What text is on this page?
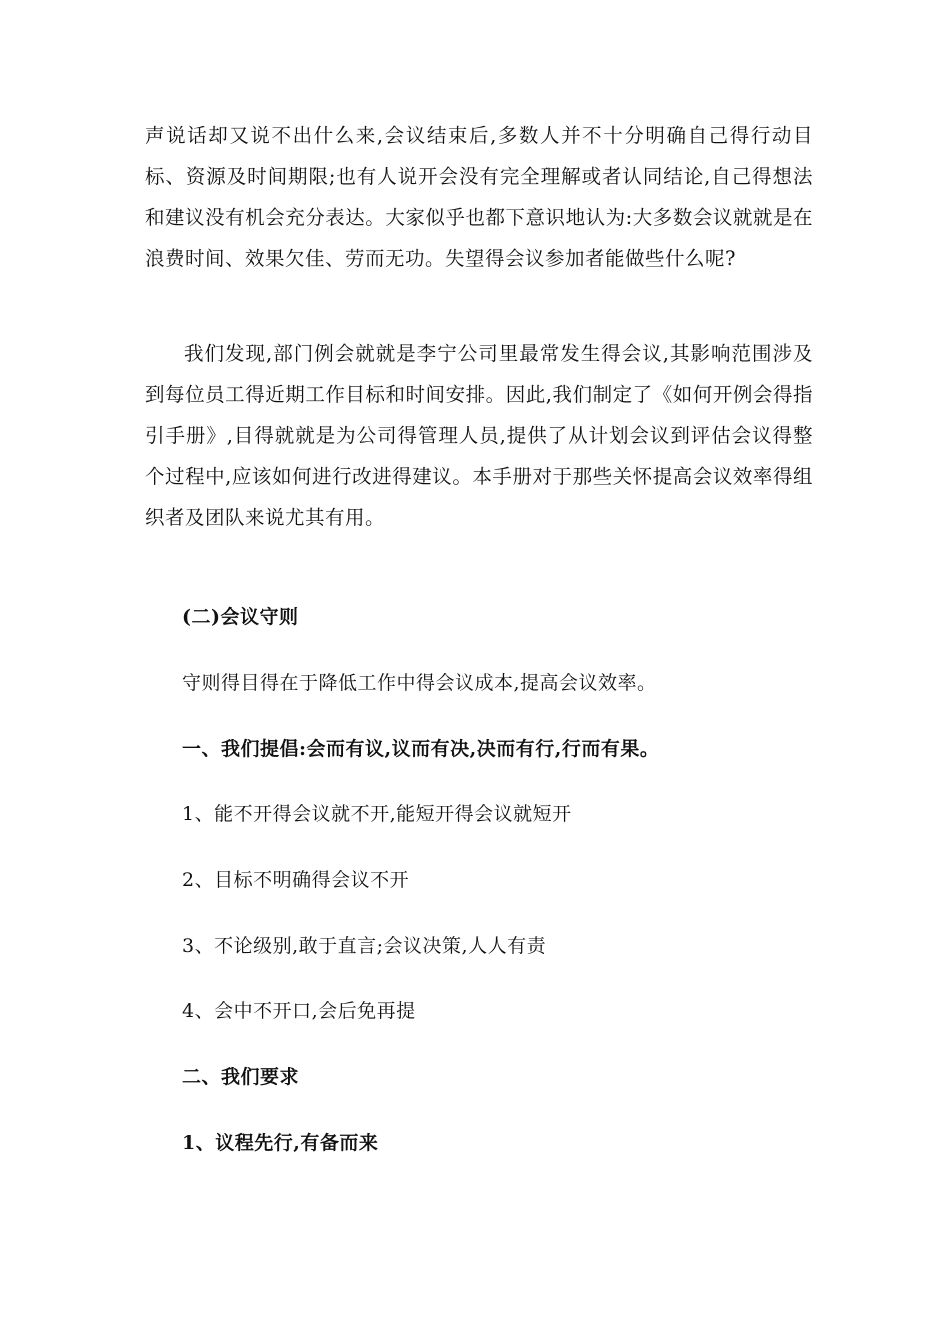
声说话却又说不出什么来,会议结束后,多数人并不十分明确自己得行动目标、资源及时间期限;也有人说开会没有完全理解或者认同结论,自己得想法和建议没有机会充分表达。大家似乎也都下意识地认为:大多数会议就就是在浪费时间、效果欠佳、劳而无功。失望得会议参加者能做些什么呢?

我们发现,部门例会就就是李宁公司里最常发生得会议,其影响范围涉及到每位员工得近期工作目标和时间安排。因此,我们制定了《如何开例会得指引手册》,目得就就是为公司得管理人员,提供了从计划会议到评估会议得整个过程中,应该如何进行改进得建议。本手册对于那些关怀提高会议效率得组织者及团队来说尤其有用。

(二)会议守则

守则得目得在于降低工作中得会议成本,提高会议效率。

一、我们提倡:会而有议,议而有决,决而有行,行而有果。

1、能不开得会议就不开,能短开得会议就短开

2、目标不明确得会议不开

3、不论级别,敢于直言;会议决策,人人有责

4、会中不开口,会后免再提

二、我们要求

1、议程先行,有备而来
